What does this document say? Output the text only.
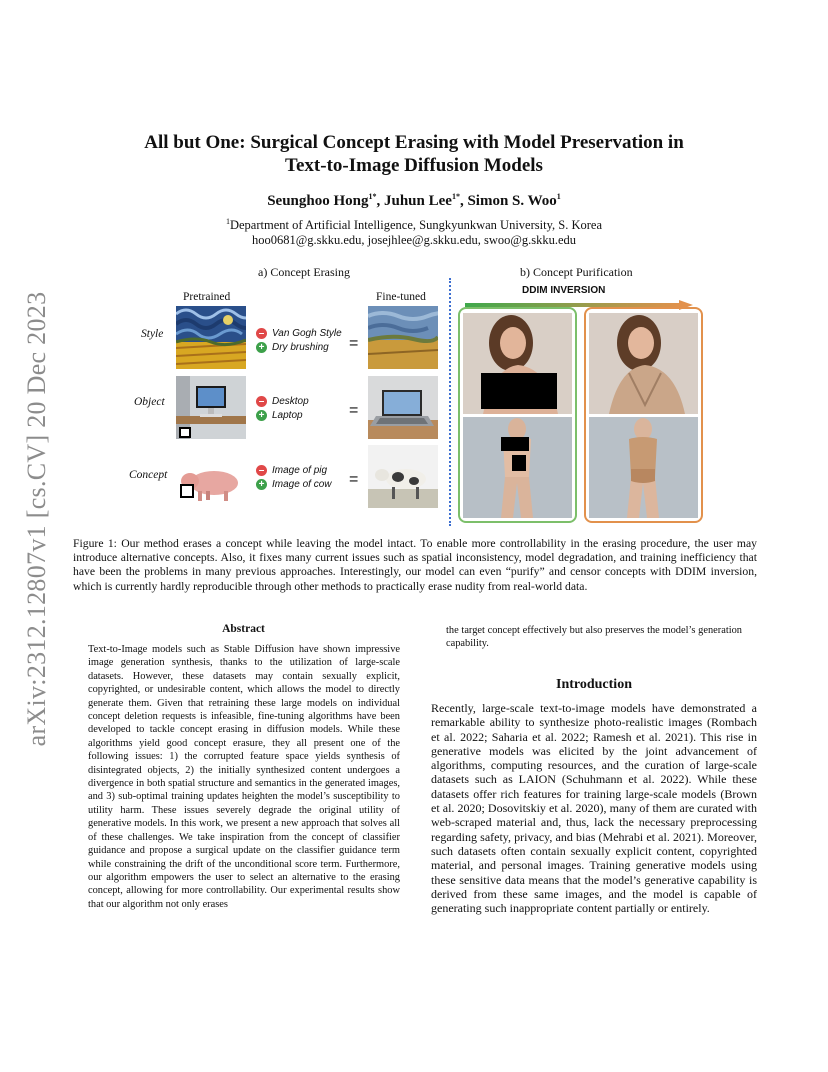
arXiv:2312.12807v1 [cs.CV] 20 Dec 2023
All but One: Surgical Concept Erasing with Model Preservation in
Text-to-Image Diffusion Models
Seunghoo Hong$^{1*}$, Juhun Lee$^{1*}$, Simon S. Woo$^1$
$^1$Department of Artificial Intelligence, Sungkyunkwan University, S. Korea
hoo0681@g.skku.edu, josejhlee@g.skku.edu, swoo@g.skku.edu
a) Concept Erasing
Pretrained	Fine-tuned
Style
Object
Concept
– Van Gogh Style
+ Dry brushing
– Desktop
+ Laptop
– Image of pig
+ Image of cow
=
=
=
b) Concept Purification
DDIM INVERSION
Figure 1: Our method erases a concept while leaving the model intact. To enable more controllability in the erasing procedure, the user may introduce alternative concepts. Also, it fixes many current issues such as spatial inconsistency, model degradation, and training inefficiency that have been the problems in many previous approaches. Interestingly, our model can even “purify” and censor concepts with DDIM inversion, which is currently hardly reproducible through other methods to practically erase nudity from real-world data.
Abstract
Text-to-Image models such as Stable Diffusion have shown impressive image generation synthesis, thanks to the utilization of large-scale datasets. However, these datasets may contain sexually explicit, copyrighted, or undesirable content, which allows the model to directly generate them. Given that retraining these large models on individual concept deletion requests is infeasible, fine-tuning algorithms have been developed to tackle concept erasing in diffusion models. While these algorithms yield good concept erasure, they all present one of the following issues: 1) the corrupted feature space yields synthesis of disintegrated objects, 2) the initially synthesized content undergoes a divergence in both spatial structure and semantics in the generated images, and 3) sub-optimal training updates heighten the model’s susceptibility to utility harm. These issues severely degrade the original utility of generative models. In this work, we present a new approach that solves all of these challenges. We take inspiration from the concept of classifier guidance and propose a surgical update on the classifier guidance term while constraining the drift of the unconditional score term. Furthermore, our algorithm empowers the user to select an alternative to the erasing concept, allowing for more controllability. Our experimental results show that our algorithm not only erases
the target concept effectively but also preserves the model’s generation capability.
Introduction
Recently, large-scale text-to-image models have demonstrated a remarkable ability to synthesize photo-realistic images (Rombach et al. 2022; Saharia et al. 2022; Ramesh et al. 2021). This rise in generative models was elicited by the joint advancement of algorithms, computing resources, and the curation of large-scale datasets such as LAION (Schuhmann et al. 2022). While these datasets offer rich features for training large-scale models (Brown et al. 2020; Dosovitskiy et al. 2020), many of them are curated with web-scraped material and, thus, lack the necessary preprocessing regarding safety, privacy, and bias (Mehrabi et al. 2021). Moreover, such datasets often contain sexually explicit content, copyrighted material, and personal images. Training generative models using these sensitive data means that the model’s generative capability is derived from these same images, and the model is capable of generating such inappropriate content partially or entirely.
